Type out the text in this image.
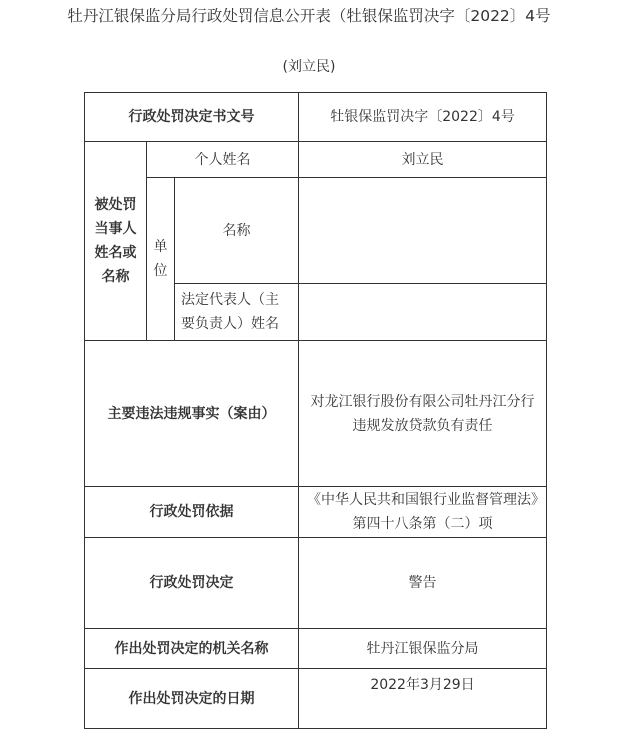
牡丹江银保监分局行政处罚信息公开表（牡银保监罚决字〔2022〕4号
(刘立民)
行政处罚决定书文号			牡银保监罚决字〔2022〕4号
被处罚当事人姓名或名称	个人姓名		刘立民
	单位	名称	
		法定代表人（主要负责人）姓名	
主要违法违规事实（案由）			对龙江银行股份有限公司牡丹江分行违规发放贷款负有责任
行政处罚依据			《中华人民共和国银行业监督管理法》第四十八条第（二）项
行政处罚决定			警告
作出处罚决定的机关名称			牡丹江银保监分局
作出处罚决定的日期			2022年3月29日
